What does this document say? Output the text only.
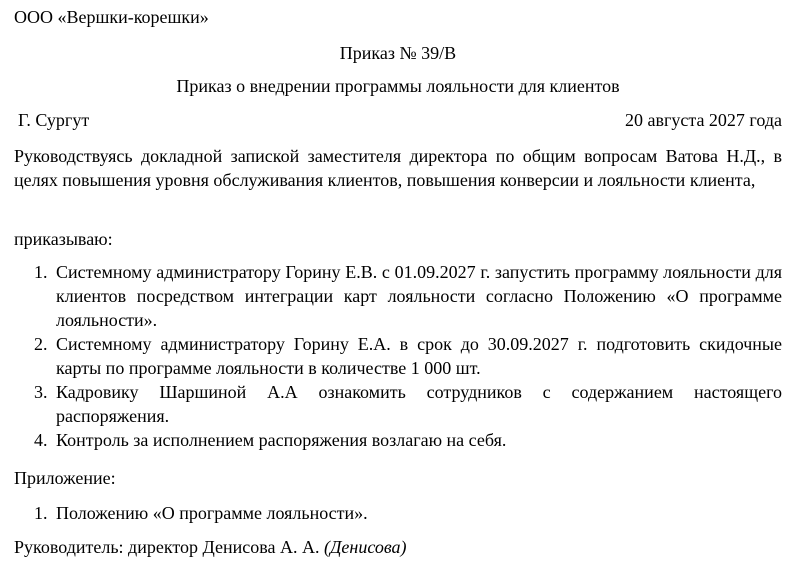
ООО «Вершки-корешки»
Приказ № 39/В
Приказ о внедрении программы лояльности для клиентов
Г. Сургут	20 августа 2027 года
Руководствуясь докладной запиской заместителя директора по общим вопросам Ватова Н.Д., в целях повышения уровня обслуживания клиентов, повышения конверсии и лояльности клиента,
приказываю:
1. Системному администратору Горину Е.В. с 01.09.2027 г. запустить программу лояльности для клиентов посредством интеграции карт лояльности согласно Положению «О программе лояльности».
2. Системному администратору Горину Е.А. в срок до 30.09.2027 г. подготовить скидочные карты по программе лояльности в количестве 1 000 шт.
3. Кадровику Шаршиной А.А ознакомить сотрудников с содержанием настоящего распоряжения.
4. Контроль за исполнением распоряжения возлагаю на себя.
Приложение:
1. Положению «О программе лояльности».
Руководитель: директор Денисова А. А. (Денисова)
